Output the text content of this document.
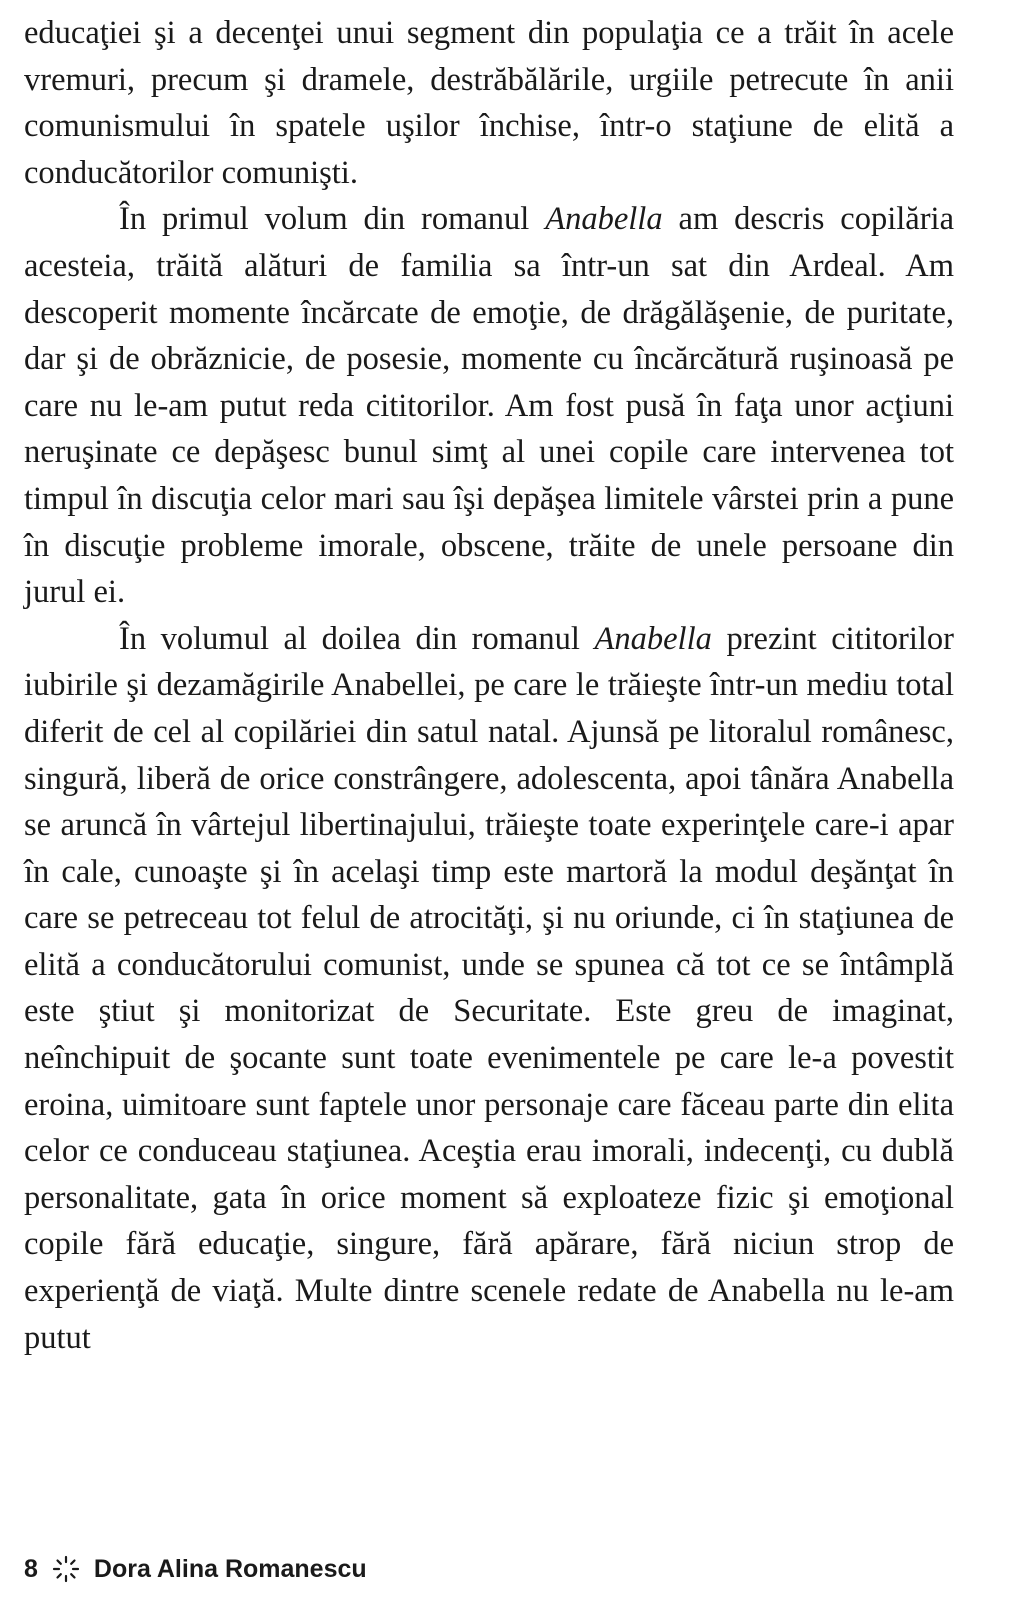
educaţiei şi a decenţei unui segment din populaţia ce a trăit în acele vremuri, precum şi dramele, destrăbălările, urgiile petrecute în anii comunismului în spatele uşilor închise, într-o staţiune de elită a conducătorilor comunişti.

În primul volum din romanul Anabella am descris copilăria acesteia, trăită alături de familia sa într-un sat din Ardeal. Am descoperit momente încărcate de emoţie, de drăgălăşenie, de puritate, dar şi de obrăznicie, de posesie, momente cu încărcătură ruşinoasă pe care nu le-am putut reda cititorilor. Am fost pusă în faţa unor acţiuni neruşinate ce depăşesc bunul simţ al unei copile care intervenea tot timpul în discuţia celor mari sau îşi depăşea limitele vârstei prin a pune în discuţie probleme imorale, obscene, trăite de unele persoane din jurul ei.

În volumul al doilea din romanul Anabella prezint cititorilor iubirile şi dezamăgirile Anabellei, pe care le trăieşte într-un mediu total diferit de cel al copilăriei din satul natal. Ajunsă pe litoralul românesc, singură, liberă de orice constrângere, adolescenta, apoi tânăra Anabella se aruncă în vârtejul libertinajului, trăieşte toate experinţele care-i apar în cale, cunoaşte şi în acelaşi timp este martoră la modul deşănţat în care se petreceau tot felul de atrocităţi, şi nu oriunde, ci în staţiunea de elită a conducătorului comunist, unde se spunea că tot ce se întâmplă este ştiut şi monitorizat de Securitate. Este greu de imaginat, neînchipuit de şocante sunt toate evenimentele pe care le-a povestit eroina, uimitoare sunt faptele unor personaje care făceau parte din elita celor ce conduceau staţiunea. Aceştia erau imorali, indecenţi, cu dublă personalitate, gata în orice moment să exploateze fizic şi emoţional copile fără educaţie, singure, fără apărare, fără niciun strop de experienţă de viaţă. Multe dintre scenele redate de Anabella nu le-am putut

8 Dora Alina Romanescu
